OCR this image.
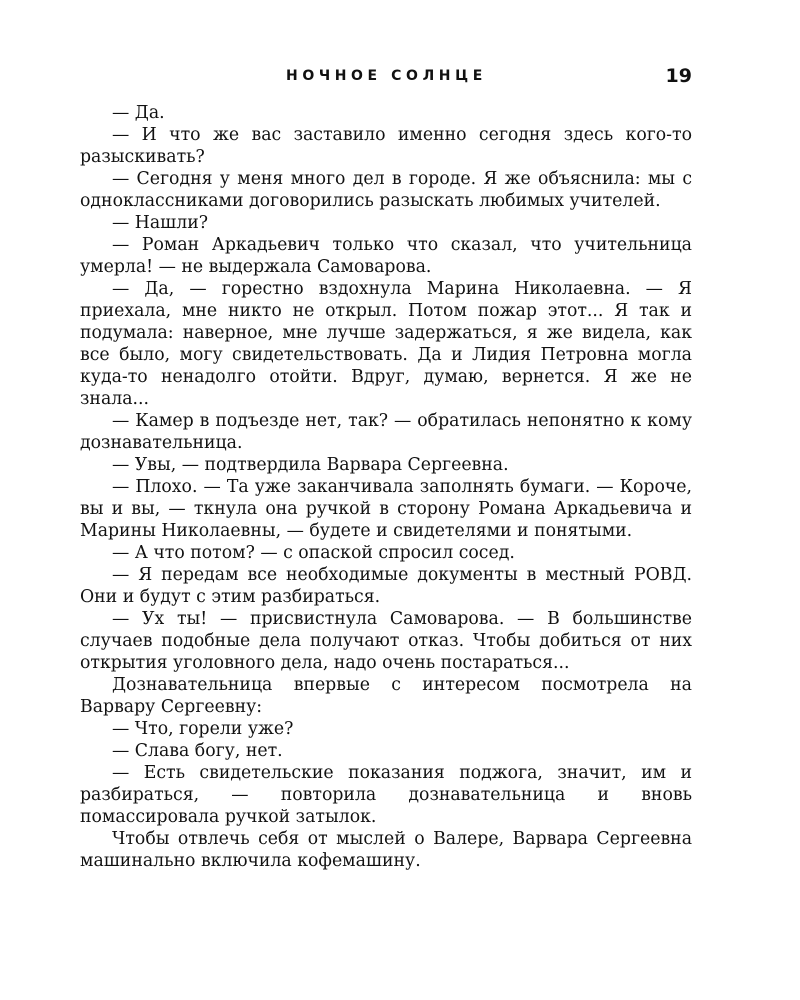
НОЧНОЕ СОЛНЦЕ	19

— Да.

— И что же вас заставило именно сегодня здесь кого-то разыскивать?

— Сегодня у меня много дел в городе. Я же объяснила: мы с одноклассниками договорились разыскать любимых учителей.

— Нашли?

— Роман Аркадьевич только что сказал, что учительница умерла! — не выдержала Самоварова.

— Да, — горестно вздохнула Марина Николаевна. — Я приехала, мне никто не открыл. Потом пожар этот... Я так и подумала: наверное, мне лучше задержаться, я же видела, как все было, могу свидетельствовать. Да и Лидия Петровна могла куда-то ненадолго отойти. Вдруг, думаю, вернется. Я же не знала...

— Камер в подъезде нет, так? — обратилась непонятно к кому дознавательница.

— Увы, — подтвердила Варвара Сергеевна.

— Плохо. — Та уже заканчивала заполнять бумаги. — Короче, вы и вы, — ткнула она ручкой в сторону Романа Аркадьевича и Марины Николаевны, — будете и свидетелями и понятыми.

— А что потом? — с опаской спросил сосед.

— Я передам все необходимые документы в местный РОВД. Они и будут с этим разбираться.

— Ух ты! — присвистнула Самоварова. — В большинстве случаев подобные дела получают отказ. Чтобы добиться от них открытия уголовного дела, надо очень постараться...

Дознавательница впервые с интересом посмотрела на Варвару Сергеевну:

— Что, горели уже?

— Слава богу, нет.

— Есть свидетельские показания поджога, значит, им и разбираться, — повторила дознавательница и вновь помассировала ручкой затылок.

Чтобы отвлечь себя от мыслей о Валере, Варвара Сергеевна машинально включила кофемашину.
